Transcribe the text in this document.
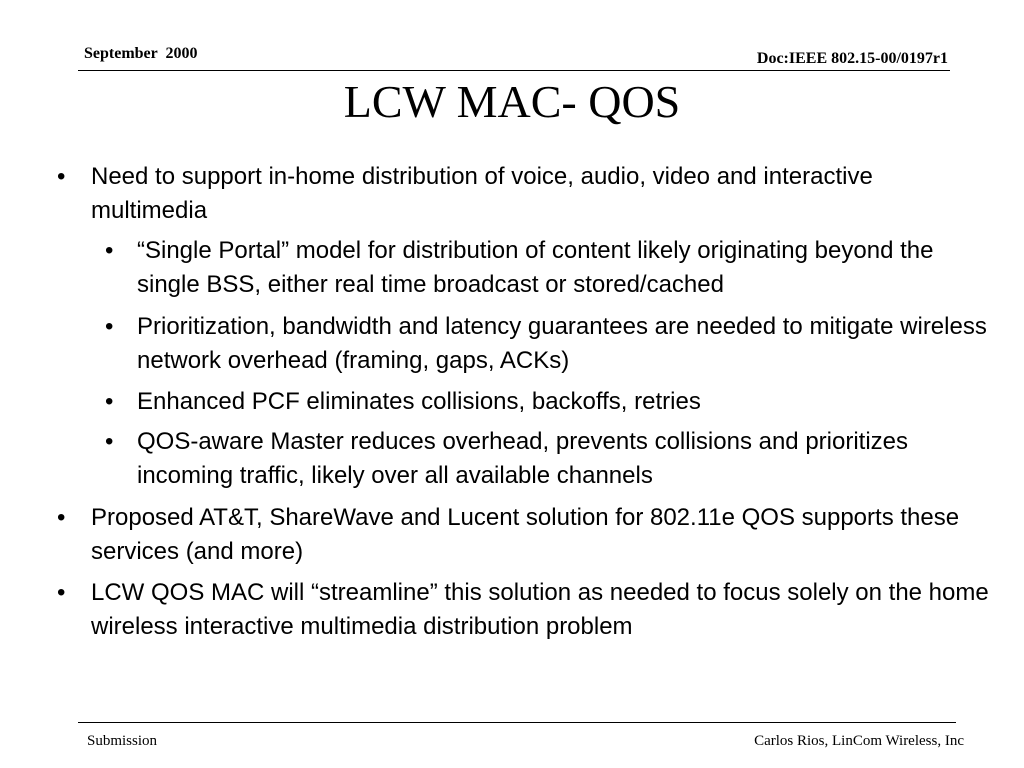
September  2000	Doc:IEEE 802.15-00/0197r1
LCW MAC- QOS
• Need to support in-home distribution of voice, audio, video and interactive multimedia
• “Single Portal” model for distribution of content likely originating beyond the single BSS, either real time broadcast or stored/cached
• Prioritization, bandwidth and latency guarantees are needed to mitigate wireless network overhead (framing, gaps, ACKs)
• Enhanced PCF eliminates collisions, backoffs, retries
• QOS-aware Master reduces overhead, prevents collisions and prioritizes incoming traffic, likely over all available channels
• Proposed AT&T, ShareWave and Lucent solution for 802.11e QOS supports these services (and more)
• LCW QOS MAC will “streamline” this solution as needed to focus solely on the home wireless interactive multimedia distribution problem
Submission	Carlos Rios, LinCom Wireless, Inc
